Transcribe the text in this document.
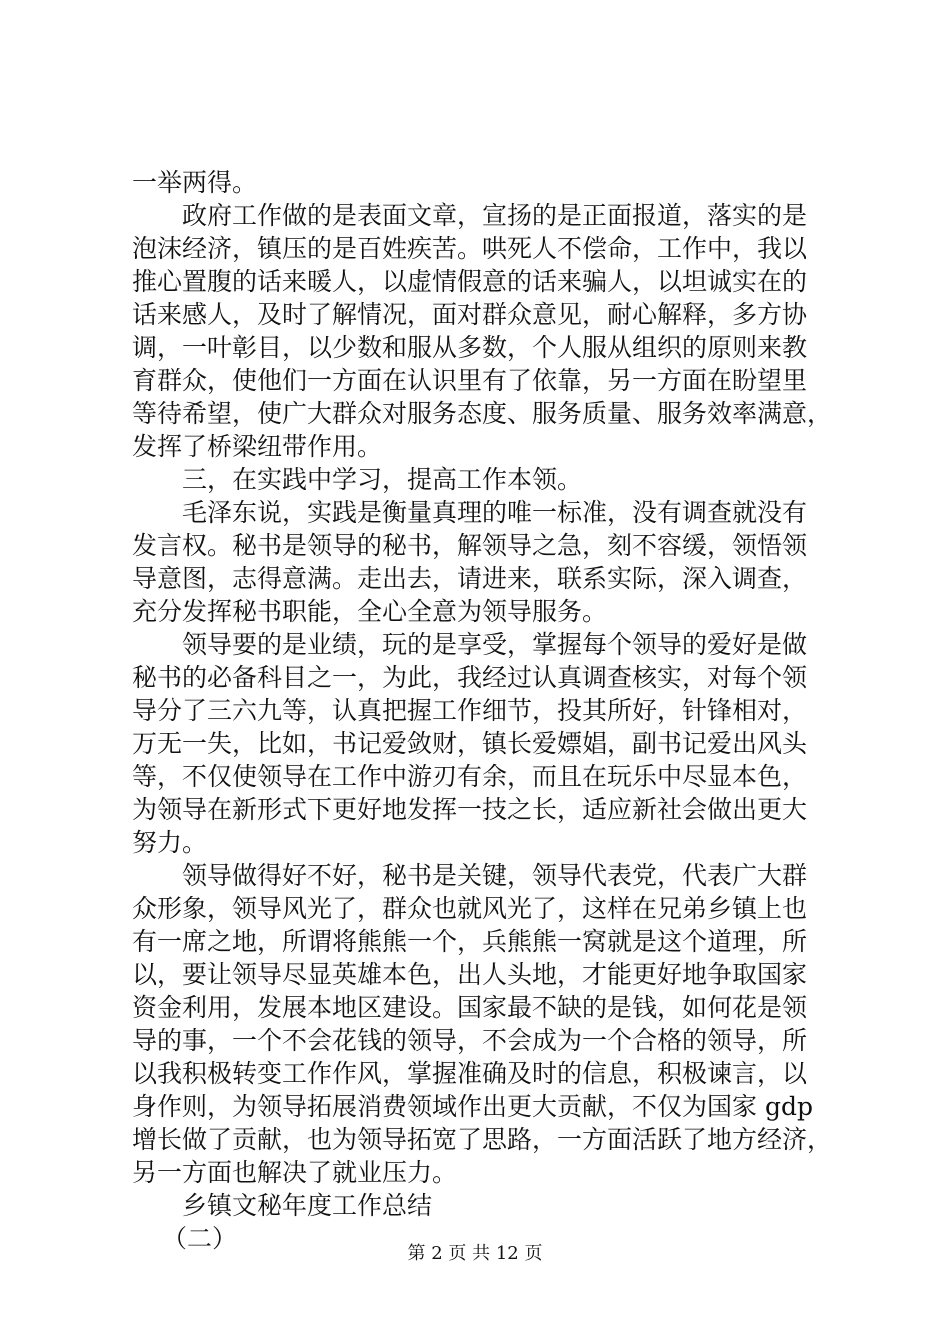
一举两得。
政府工作做的是表面文章，宣扬的是正面报道，落实的是
泡沫经济，镇压的是百姓疾苦。哄死人不偿命，工作中，我以
推心置腹的话来暖人，以虚情假意的话来骗人，以坦诚实在的
话来感人，及时了解情况，面对群众意见，耐心解释，多方协
调，一叶彰目，以少数和服从多数，个人服从组织的原则来教
育群众，使他们一方面在认识里有了依靠，另一方面在盼望里
等待希望，使广大群众对服务态度、服务质量、服务效率满意，
发挥了桥梁纽带作用。
三，在实践中学习，提高工作本领。
毛泽东说，实践是衡量真理的唯一标准，没有调查就没有
发言权。秘书是领导的秘书，解领导之急，刻不容缓，领悟领
导意图，志得意满。走出去，请进来，联系实际，深入调查，
充分发挥秘书职能，全心全意为领导服务。
领导要的是业绩，玩的是享受，掌握每个领导的爱好是做
秘书的必备科目之一，为此，我经过认真调查核实，对每个领
导分了三六九等，认真把握工作细节，投其所好，针锋相对，
万无一失，比如，书记爱敛财，镇长爱嫖娼，副书记爱出风头
等，不仅使领导在工作中游刃有余，而且在玩乐中尽显本色，
为领导在新形式下更好地发挥一技之长，适应新社会做出更大
努力。
领导做得好不好，秘书是关键，领导代表党，代表广大群
众形象，领导风光了，群众也就风光了，这样在兄弟乡镇上也
有一席之地，所谓将熊熊一个，兵熊熊一窝就是这个道理，所
以，要让领导尽显英雄本色，出人头地，才能更好地争取国家
资金利用，发展本地区建设。国家最不缺的是钱，如何花是领
导的事，一个不会花钱的领导，不会成为一个合格的领导，所
以我积极转变工作作风，掌握准确及时的信息，积极谏言，以
身作则，为领导拓展消费领域作出更大贡献，不仅为国家 gdp
增长做了贡献，也为领导拓宽了思路，一方面活跃了地方经济，
另一方面也解决了就业压力。
乡镇文秘年度工作总结
（二）
第 2 页 共 12 页
